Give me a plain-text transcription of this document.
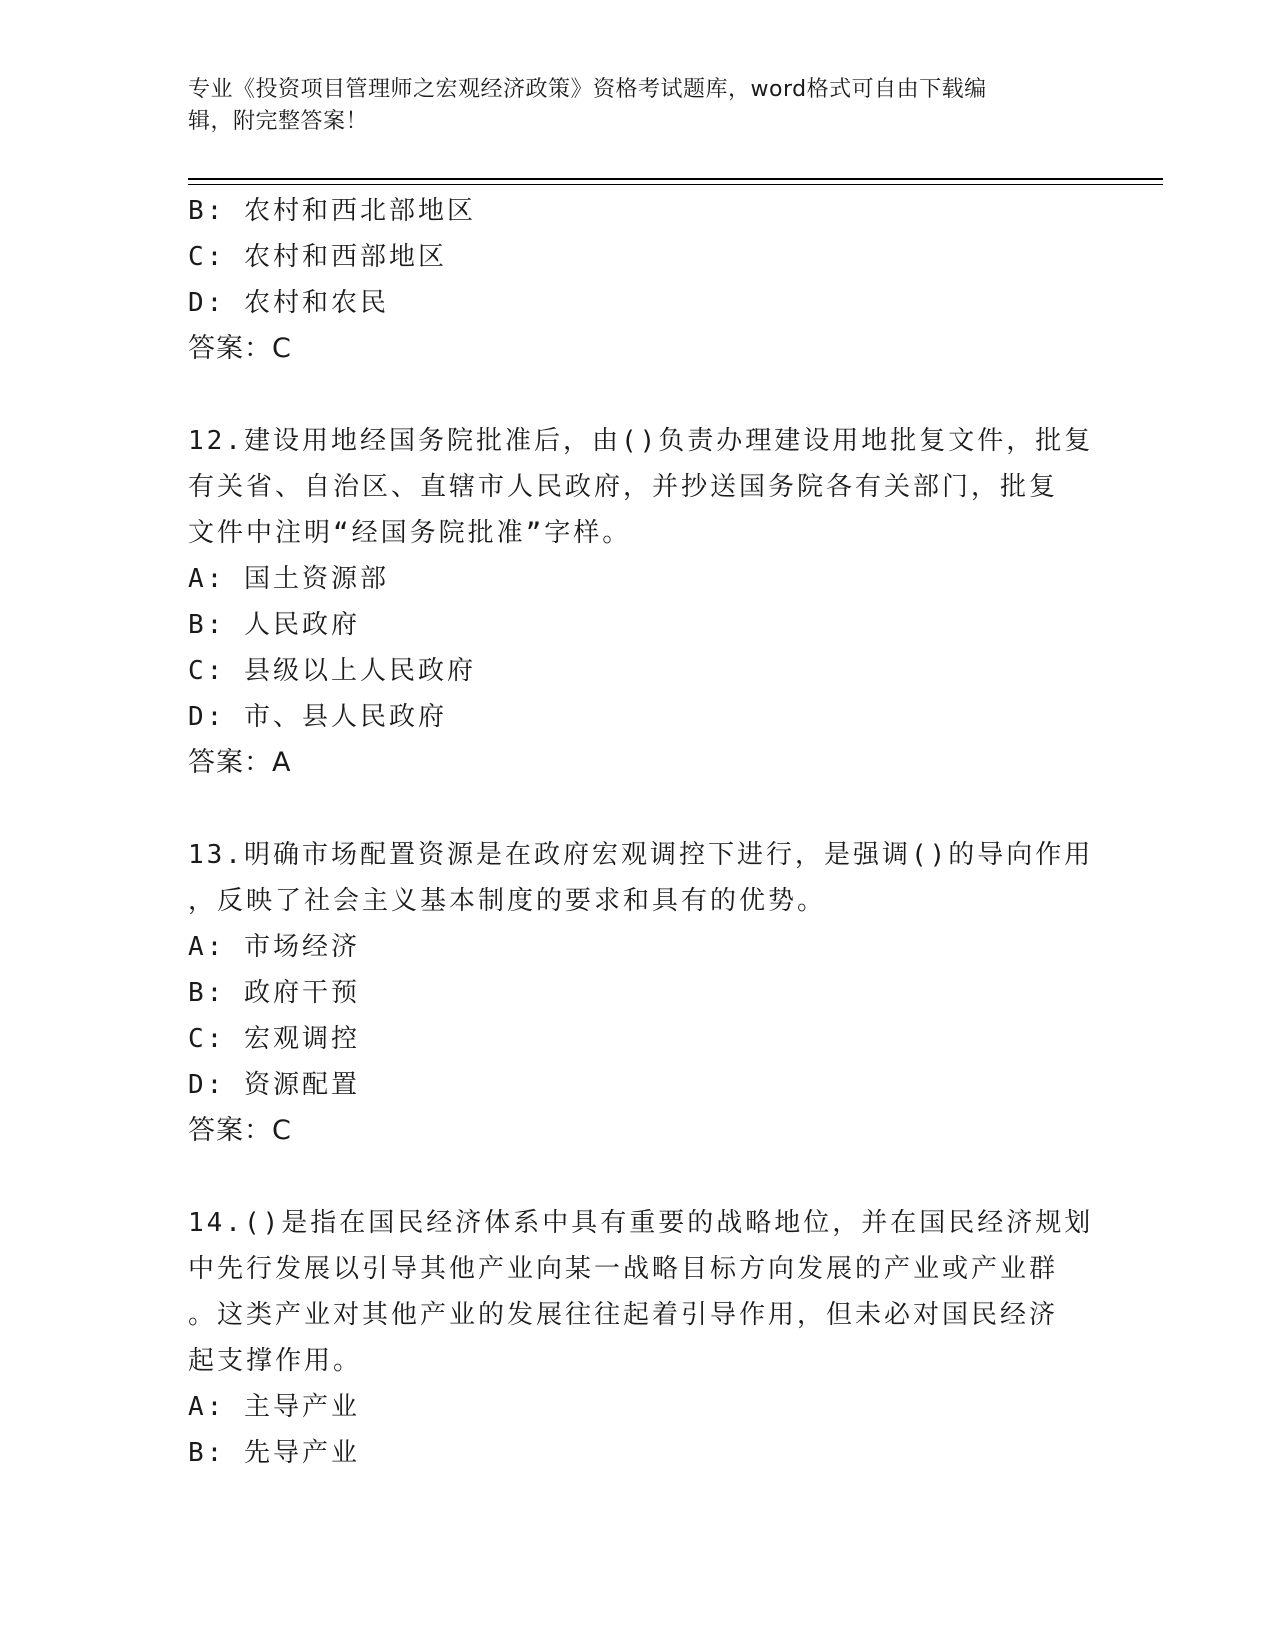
专业《投资项目管理师之宏观经济政策》资格考试题库，word格式可自由下载编
辑，附完整答案！
B: 农村和西北部地区
C: 农村和西部地区
D: 农村和农民
答案：C
12.建设用地经国务院批准后，由()负责办理建设用地批复文件，批复
有关省、自治区、直辖市人民政府，并抄送国务院各有关部门，批复
文件中注明“经国务院批准”字样。
A: 国土资源部
B: 人民政府
C: 县级以上人民政府
D: 市、县人民政府
答案：A
13.明确市场配置资源是在政府宏观调控下进行，是强调()的导向作用
，反映了社会主义基本制度的要求和具有的优势。
A: 市场经济
B: 政府干预
C: 宏观调控
D: 资源配置
答案：C
14.()是指在国民经济体系中具有重要的战略地位，并在国民经济规划
中先行发展以引导其他产业向某一战略目标方向发展的产业或产业群
。这类产业对其他产业的发展往往起着引导作用，但未必对国民经济
起支撑作用。
A: 主导产业
B: 先导产业
